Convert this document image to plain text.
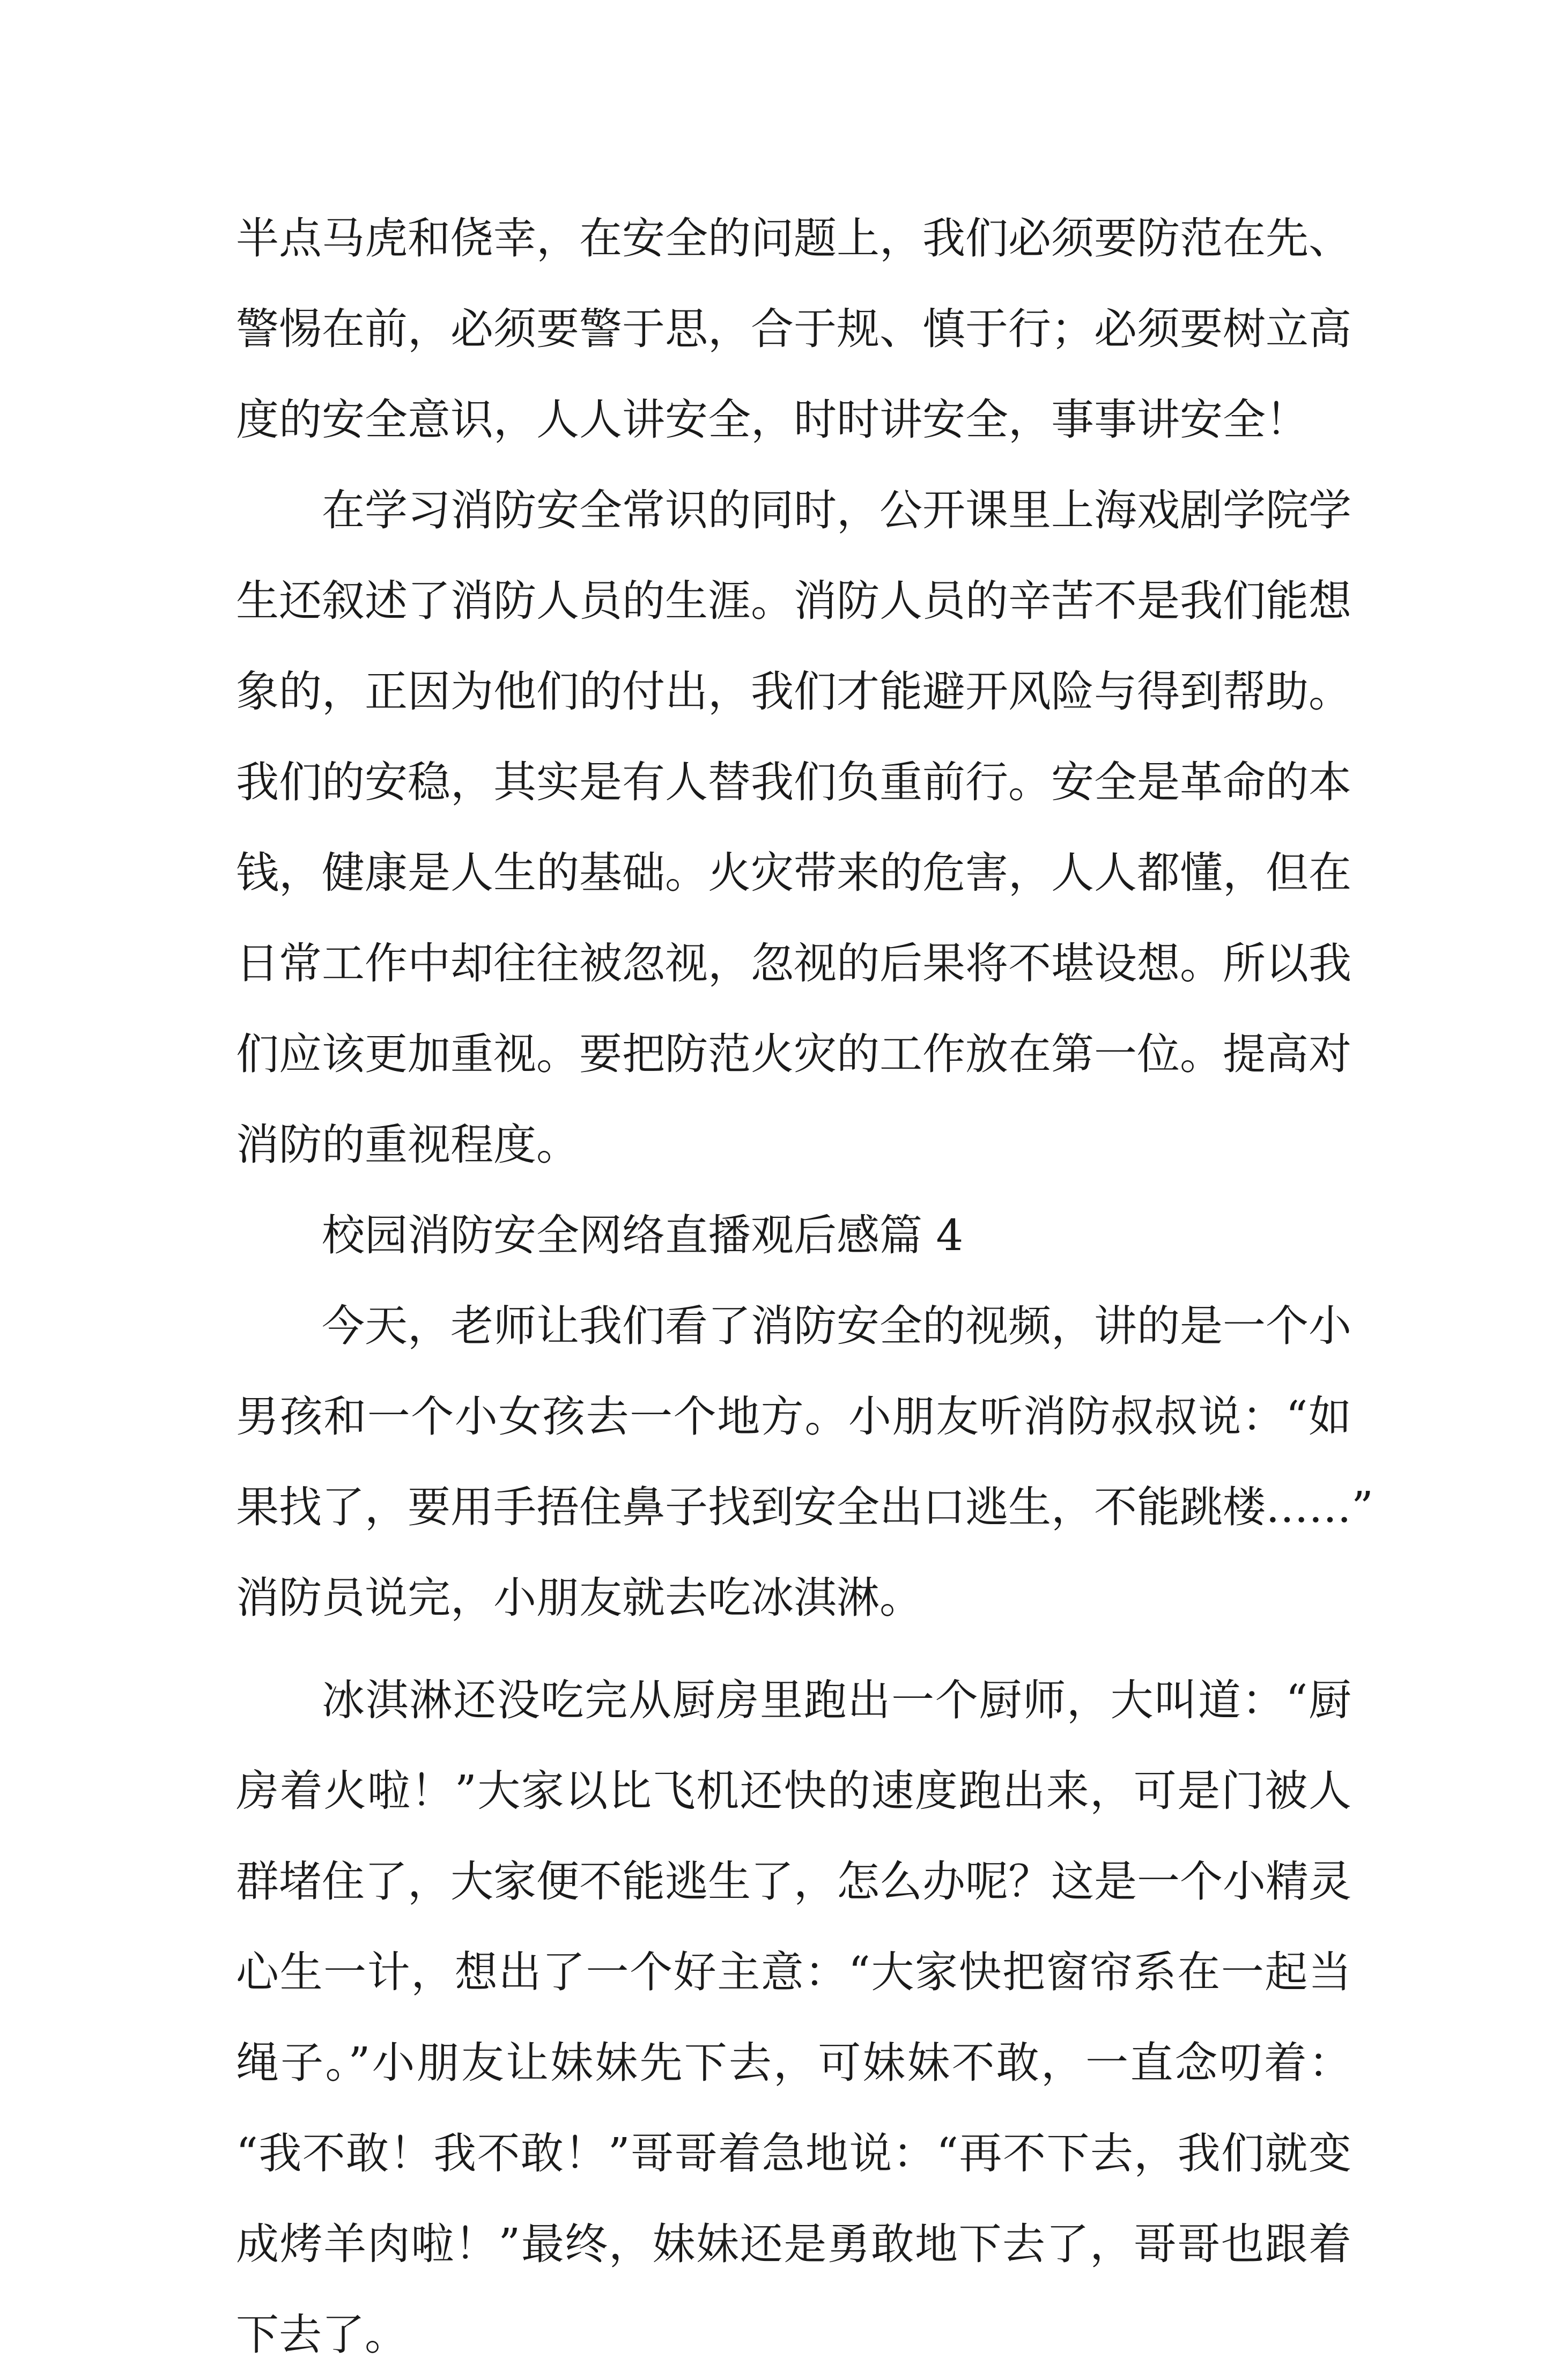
半点马虎和侥幸，在安全的问题上，我们必须要防范在先、
警惕在前，必须要警于思，合于规、慎于行；必须要树立高
度的安全意识，人人讲安全，时时讲安全，事事讲安全！
在学习消防安全常识的同时，公开课里上海戏剧学院学
生还叙述了消防人员的生涯。消防人员的辛苦不是我们能想
象的，正因为他们的付出，我们才能避开风险与得到帮助。
我们的安稳，其实是有人替我们负重前行。安全是革命的本
钱，健康是人生的基础。火灾带来的危害，人人都懂，但在
日常工作中却往往被忽视，忽视的后果将不堪设想。所以我
们应该更加重视。要把防范火灾的工作放在第一位。提高对
消防的重视程度。
校园消防安全网络直播观后感篇 4
今天，老师让我们看了消防安全的视频，讲的是一个小
男孩和一个小女孩去一个地方。小朋友听消防叔叔说：“如
果找了，要用手捂住鼻子找到安全出口逃生，不能跳楼……”
消防员说完，小朋友就去吃冰淇淋。
冰淇淋还没吃完从厨房里跑出一个厨师，大叫道：“厨
房着火啦！”大家以比飞机还快的速度跑出来，可是门被人
群堵住了，大家便不能逃生了，怎么办呢？这是一个小精灵
心生一计，想出了一个好主意：“大家快把窗帘系在一起当
绳子。”小朋友让妹妹先下去，可妹妹不敢，一直念叨着：
“我不敢！我不敢！”哥哥着急地说：“再不下去，我们就变
成烤羊肉啦！”最终，妹妹还是勇敢地下去了，哥哥也跟着
下去了。
